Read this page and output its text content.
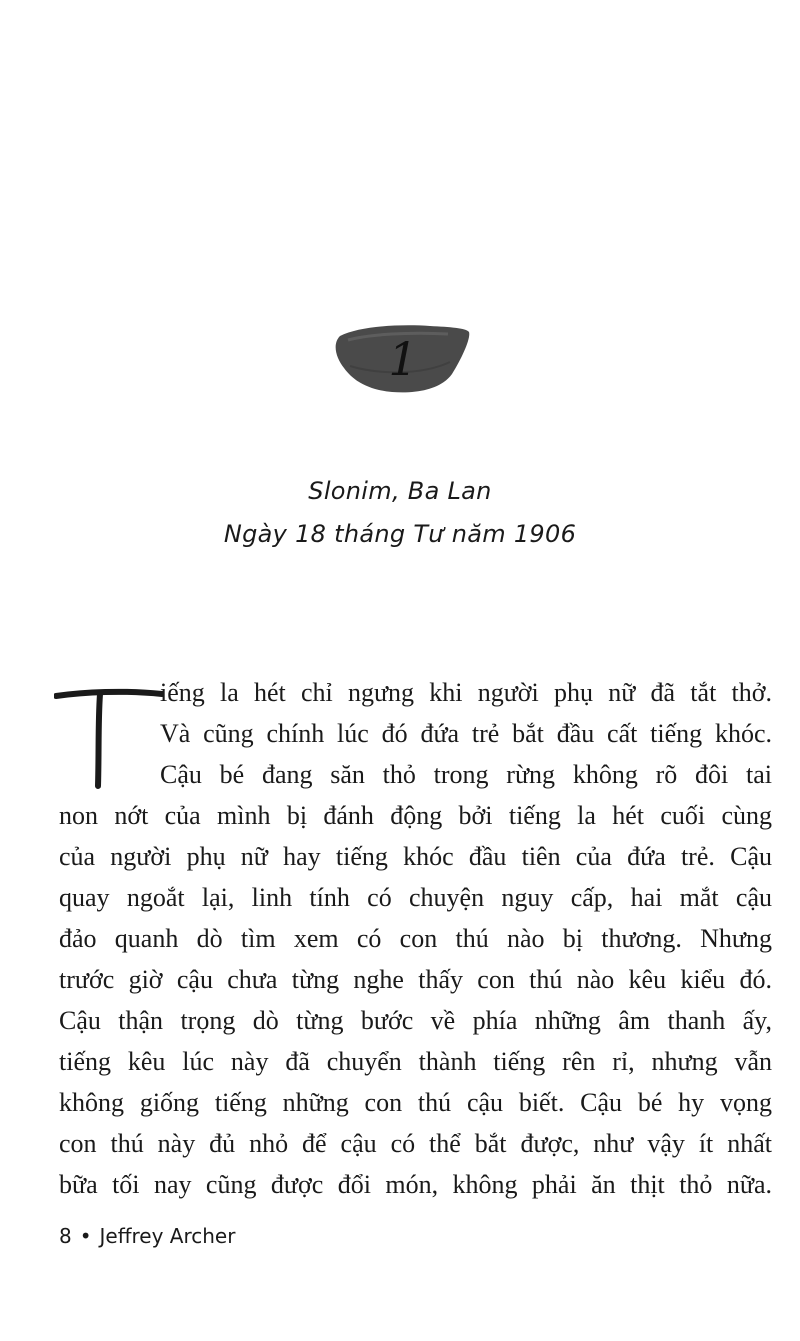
1
Slonim, Ba Lan
Ngày 18 tháng Tư năm 1906
iếng la hét chỉ ngưng khi người phụ nữ đã tắt thở.
Và cũng chính lúc đó đứa trẻ bắt đầu cất tiếng khóc.
Cậu bé đang săn thỏ trong rừng không rõ đôi tai
non nớt của mình bị đánh động bởi tiếng la hét cuối cùng
của người phụ nữ hay tiếng khóc đầu tiên của đứa trẻ. Cậu
quay ngoắt lại, linh tính có chuyện nguy cấp, hai mắt cậu
đảo quanh dò tìm xem có con thú nào bị thương. Nhưng
trước giờ cậu chưa từng nghe thấy con thú nào kêu kiểu đó.
Cậu thận trọng dò từng bước về phía những âm thanh ấy,
tiếng kêu lúc này đã chuyển thành tiếng rên rỉ, nhưng vẫn
không giống tiếng những con thú cậu biết. Cậu bé hy vọng
con thú này đủ nhỏ để cậu có thể bắt được, như vậy ít nhất
bữa tối nay cũng được đổi món, không phải ăn thịt thỏ nữa.
8 • Jeffrey Archer
